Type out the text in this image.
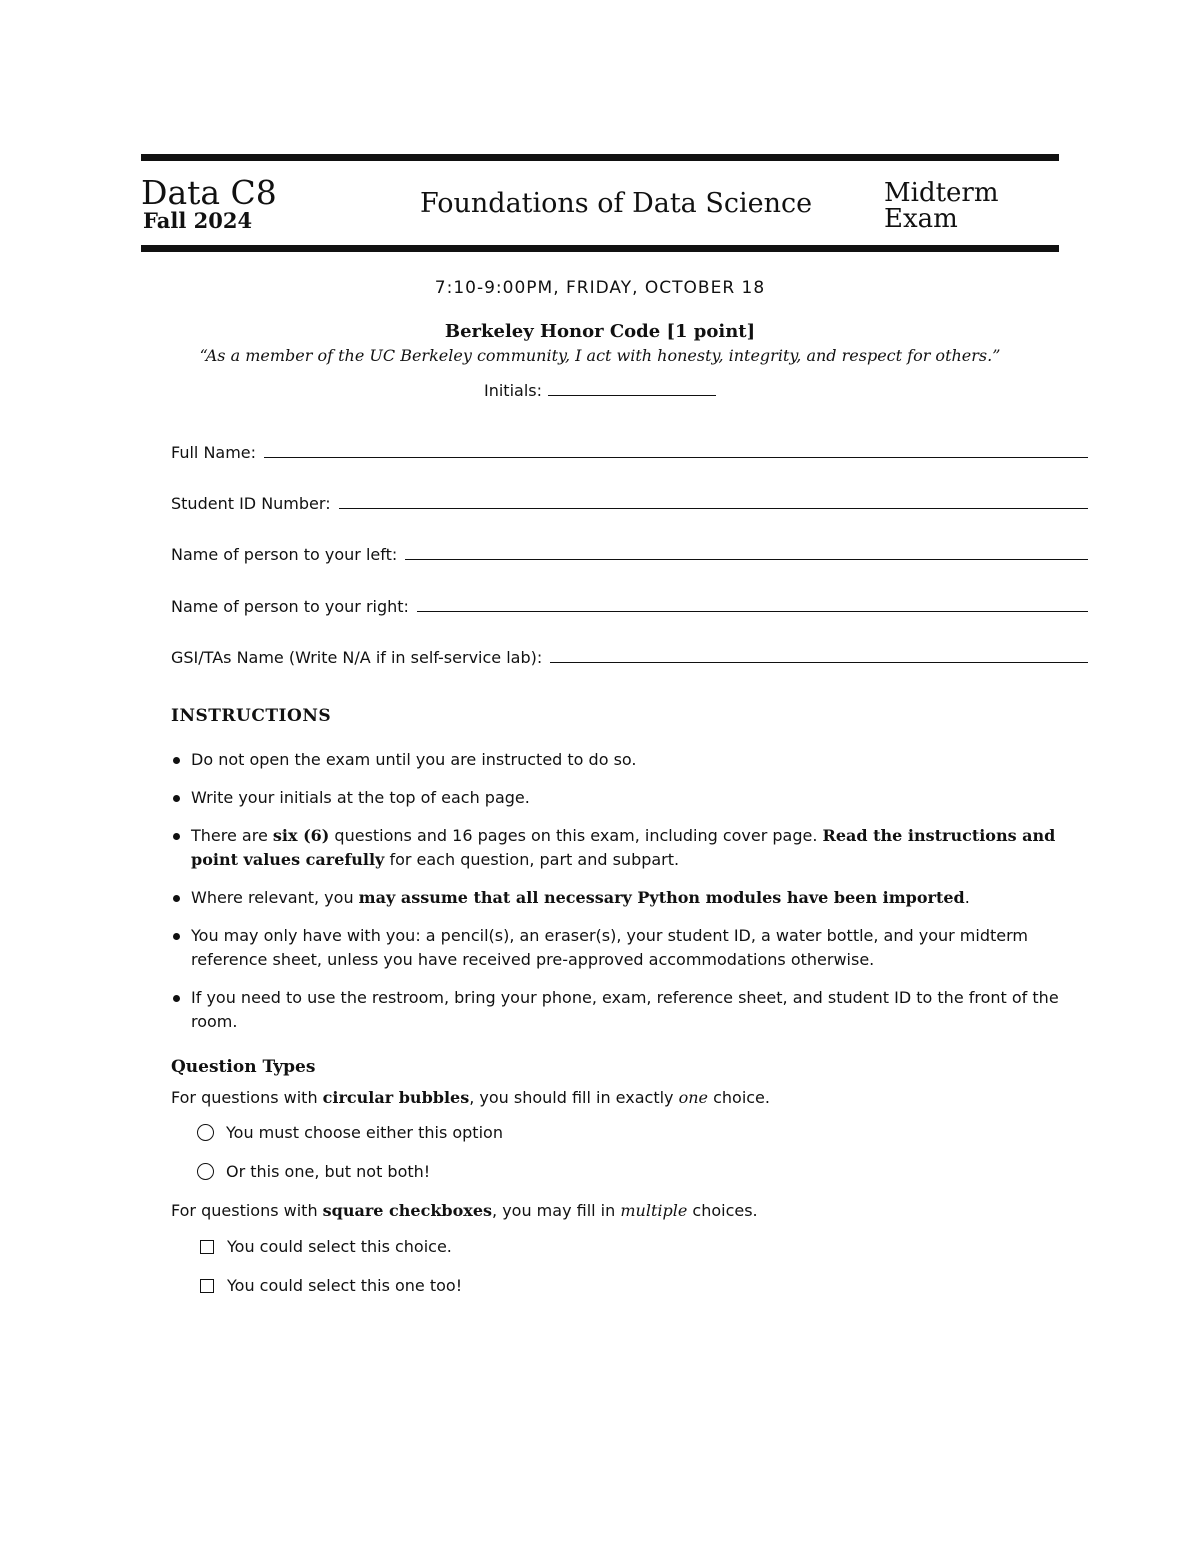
Data C8
Fall 2024
Foundations of Data Science	Midterm
Exam
7:10-9:00PM, FRIDAY, OCTOBER 18
Berkeley Honor Code [1 point]
“As a member of the UC Berkeley community, I act with honesty, integrity, and respect for others.”
Initials:
Full Name:
Student ID Number:
Name of person to your left:
Name of person to your right:
GSI/TAs Name (Write N/A if in self-service lab):
INSTRUCTIONS
Do not open the exam until you are instructed to do so.
Write your initials at the top of each page.
There are six (6) questions and 16 pages on this exam, including cover page. Read the instructions and point values carefully for each question, part and subpart.
Where relevant, you may assume that all necessary Python modules have been imported.
You may only have with you: a pencil(s), an eraser(s), your student ID, a water bottle, and your midterm reference sheet, unless you have received pre-approved accommodations otherwise.
If you need to use the restroom, bring your phone, exam, reference sheet, and student ID to the front of the room.
Question Types
For questions with circular bubbles, you should fill in exactly one choice.
You must choose either this option
Or this one, but not both!
For questions with square checkboxes, you may fill in multiple choices.
You could select this choice.
You could select this one too!
